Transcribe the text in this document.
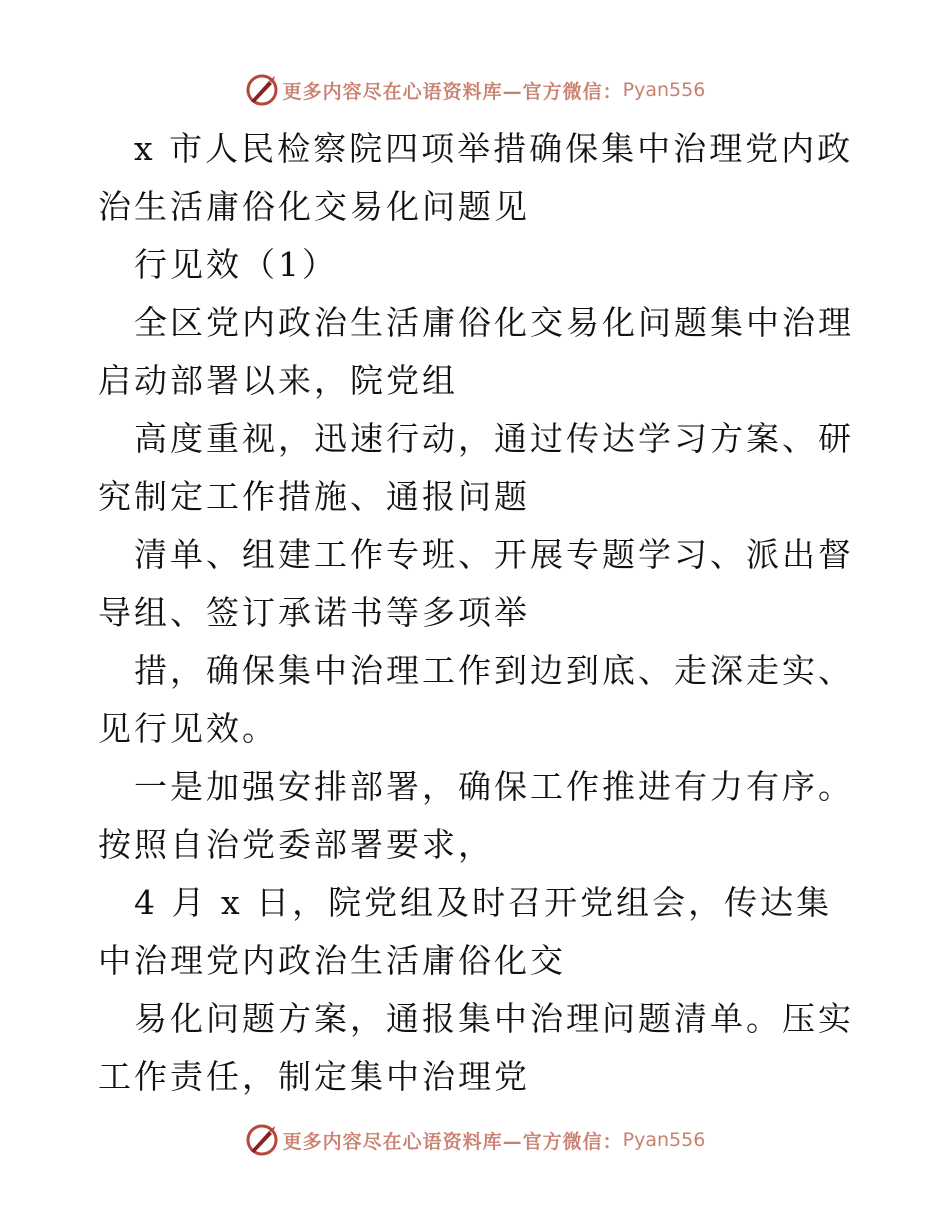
更多内容尽在心语资料库—官方微信： Pyan556

x 市人民检察院四项举措确保集中治理党内政治生活庸俗化交易化问题见

行见效（1）

全区党内政治生活庸俗化交易化问题集中治理启动部署以来，院党组

高度重视，迅速行动，通过传达学习方案、研究制定工作措施、通报问题

清单、组建工作专班、开展专题学习、派出督导组、签订承诺书等多项举

措，确保集中治理工作到边到底、走深走实、见行见效。

一是加强安排部署，确保工作推进有力有序。按照自治党委部署要求，

4 月 x 日，院党组及时召开党组会，传达集中治理党内政治生活庸俗化交

易化问题方案，通报集中治理问题清单。压实工作责任，制定集中治理党

更多内容尽在心语资料库—官方微信： Pyan556
